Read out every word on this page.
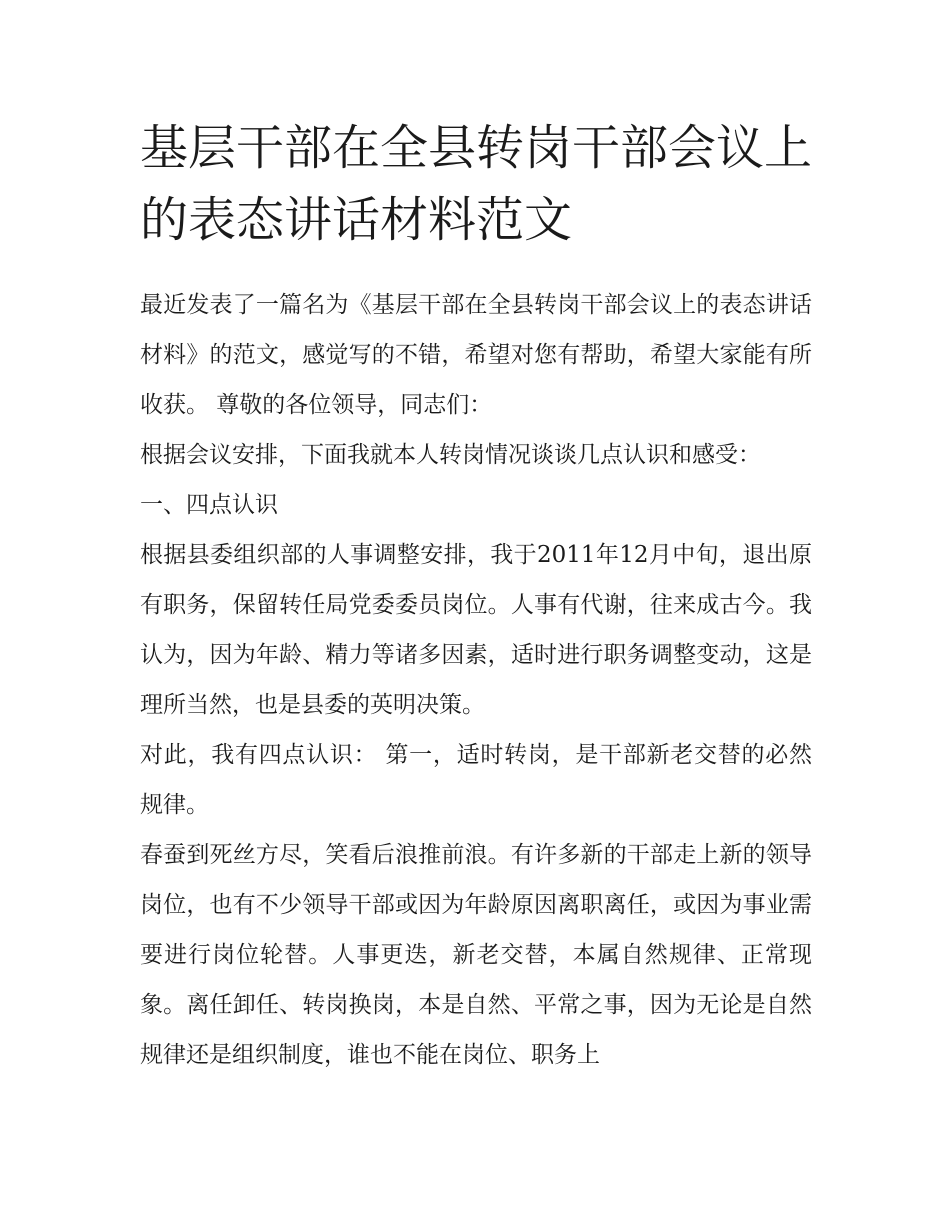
基层干部在全县转岗干部会议上的表态讲话材料范文

最近发表了一篇名为《基层干部在全县转岗干部会议上的表态讲话材料》的范文，感觉写的不错，希望对您有帮助，希望大家能有所收获。 尊敬的各位领导，同志们：

根据会议安排，下面我就本人转岗情况谈谈几点认识和感受：

一、四点认识

根据县委组织部的人事调整安排，我于2011年12月中旬，退出原有职务，保留转任局党委委员岗位。人事有代谢，往来成古今。我认为，因为年龄、精力等诸多因素，适时进行职务调整变动，这是理所当然，也是县委的英明决策。

对此，我有四点认识： 第一，适时转岗，是干部新老交替的必然规律。

春蚕到死丝方尽，笑看后浪推前浪。有许多新的干部走上新的领导岗位，也有不少领导干部或因为年龄原因离职离任，或因为事业需要进行岗位轮替。人事更迭，新老交替，本属自然规律、正常现象。离任卸任、转岗换岗，本是自然、平常之事，因为无论是自然规律还是组织制度，谁也不能在岗位、职务上
